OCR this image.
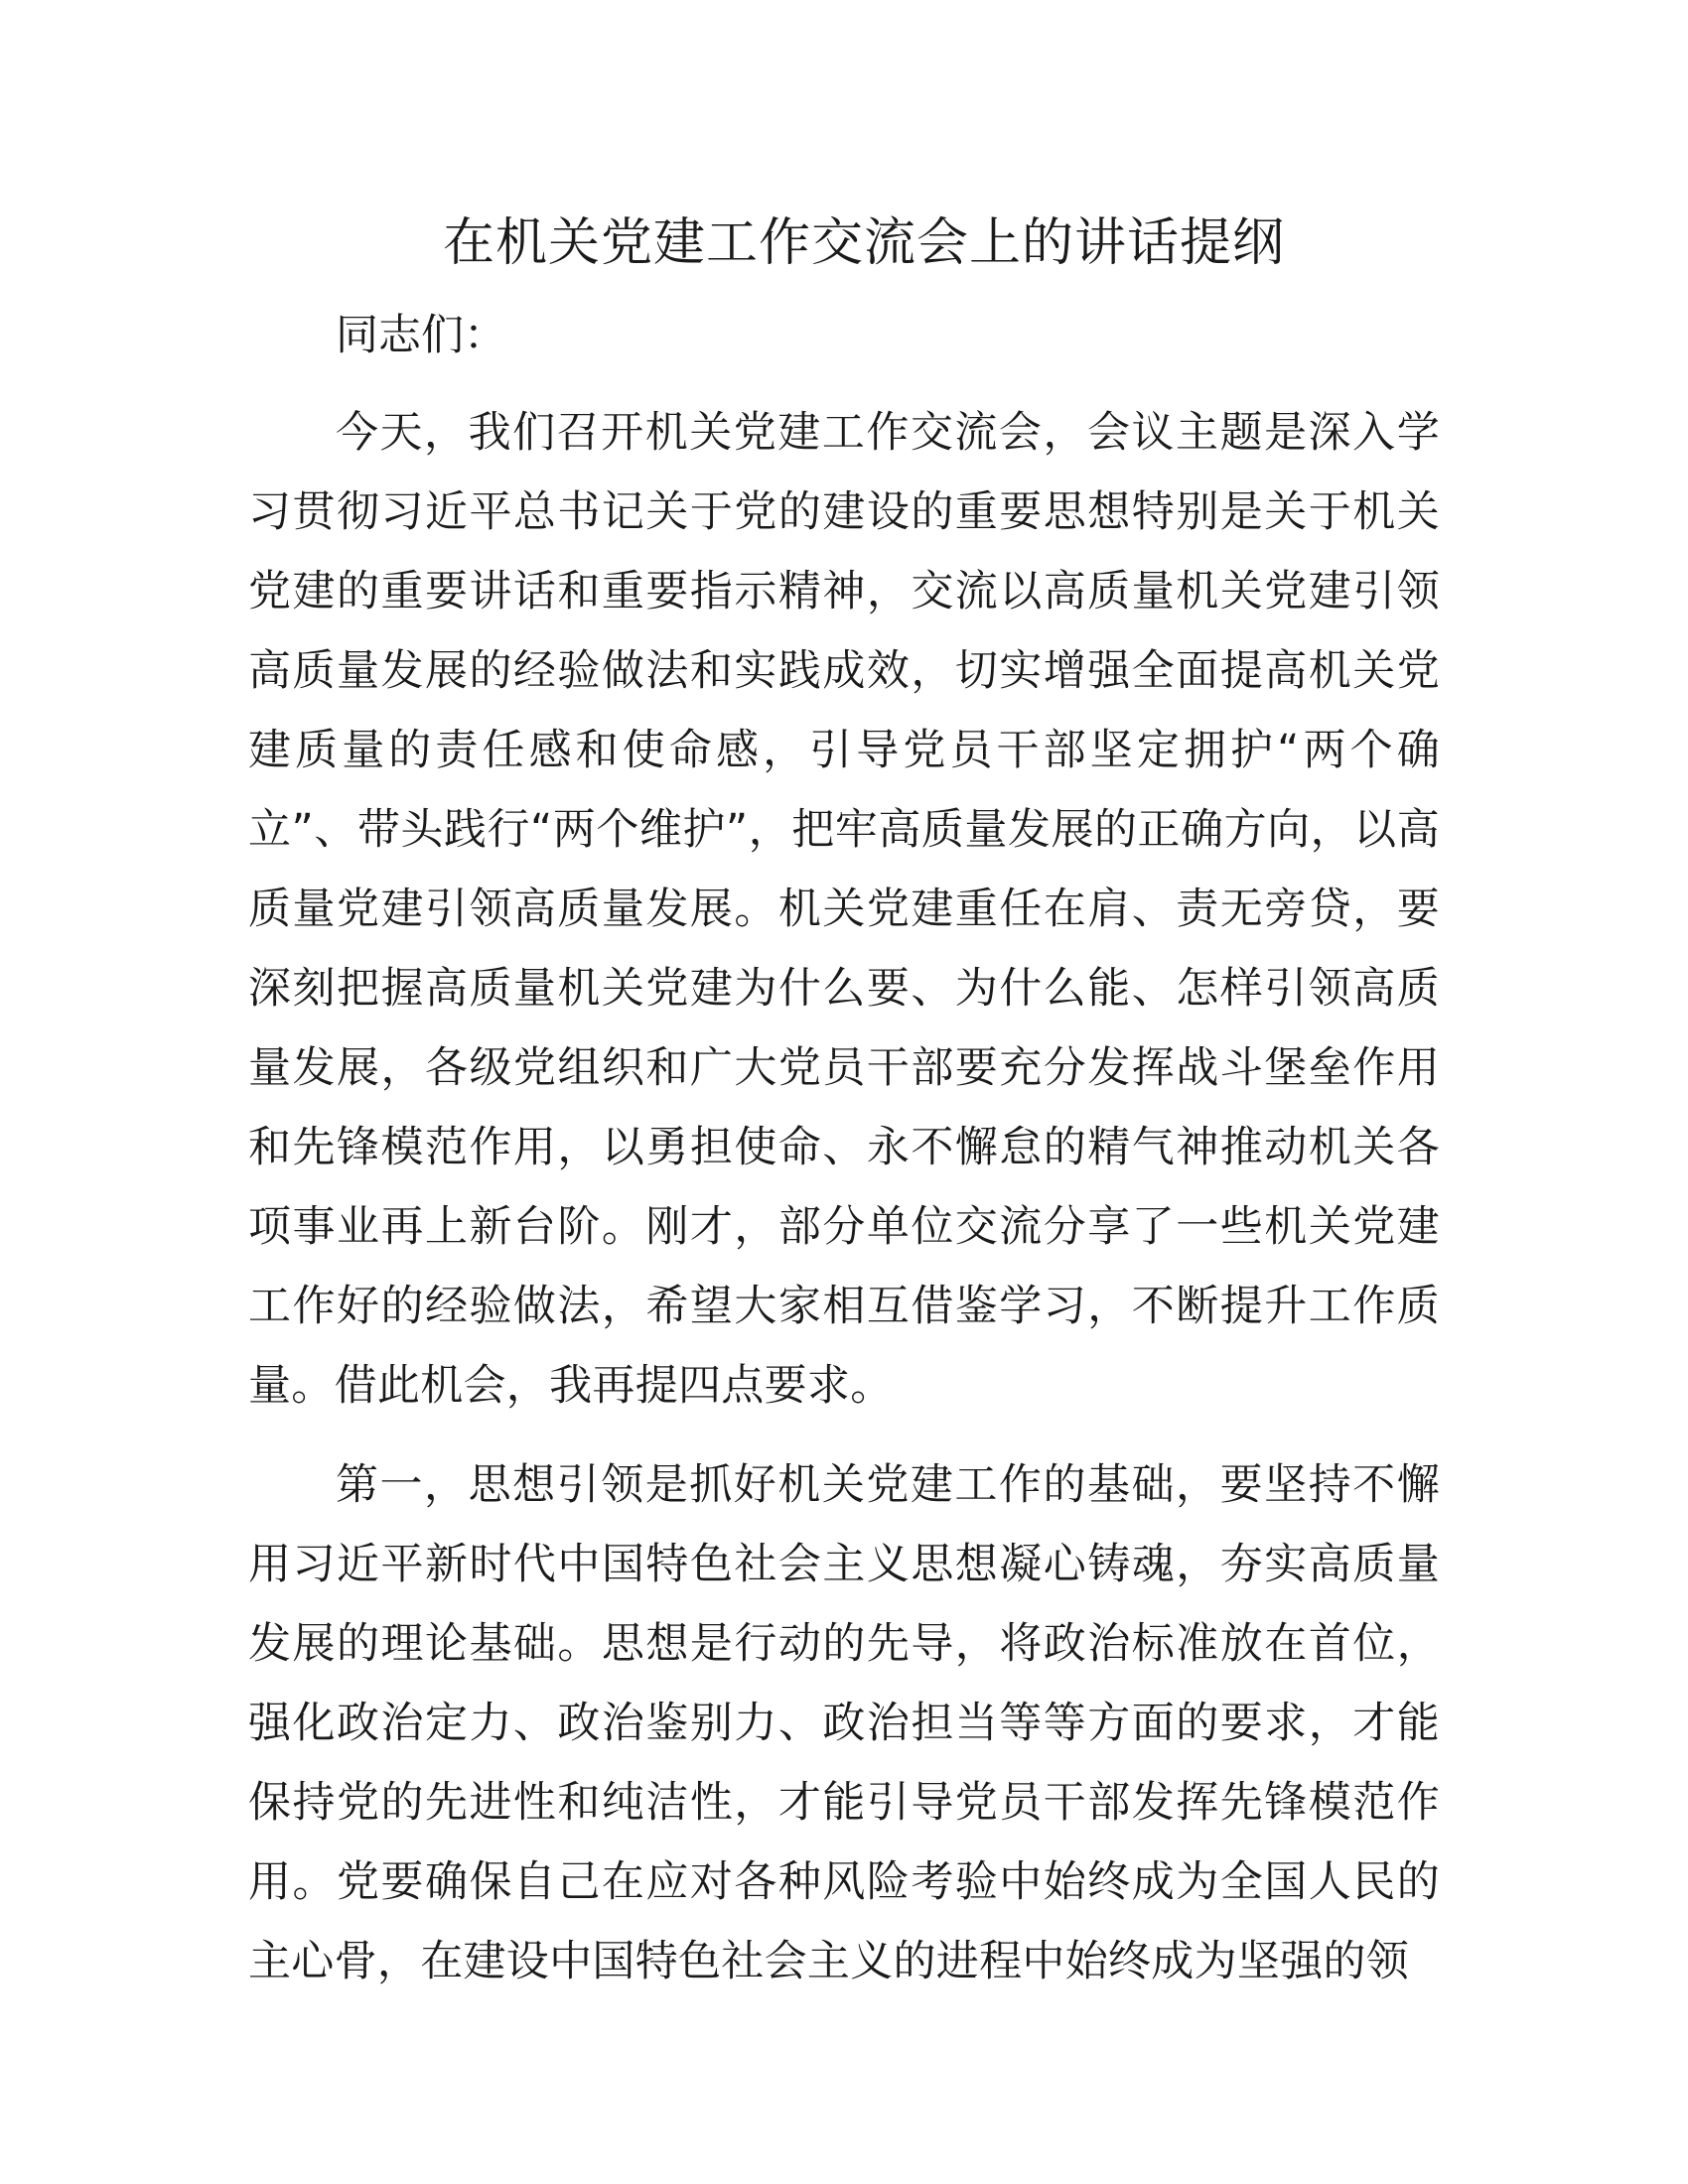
在机关党建工作交流会上的讲话提纲

同志们：

今天，我们召开机关党建工作交流会，会议主题是深入学习贯彻习近平总书记关于党的建设的重要思想特别是关于机关党建的重要讲话和重要指示精神，交流以高质量机关党建引领高质量发展的经验做法和实践成效，切实增强全面提高机关党建质量的责任感和使命感，引导党员干部坚定拥护“两个确立”、带头践行“两个维护”，把牢高质量发展的正确方向，以高质量党建引领高质量发展。机关党建重任在肩、责无旁贷，要深刻把握高质量机关党建为什么要、为什么能、怎样引领高质量发展，各级党组织和广大党员干部要充分发挥战斗堡垒作用和先锋模范作用，以勇担使命、永不懈怠的精气神推动机关各项事业再上新台阶。刚才，部分单位交流分享了一些机关党建工作好的经验做法，希望大家相互借鉴学习，不断提升工作质量。借此机会，我再提四点要求。

第一，思想引领是抓好机关党建工作的基础，要坚持不懈用习近平新时代中国特色社会主义思想凝心铸魂，夯实高质量发展的理论基础。思想是行动的先导，将政治标准放在首位，强化政治定力、政治鉴别力、政治担当等等方面的要求，才能保持党的先进性和纯洁性，才能引导党员干部发挥先锋模范作用。党要确保自己在应对各种风险考验中始终成为全国人民的主心骨，在建设中国特色社会主义的进程中始终成为坚强的领
